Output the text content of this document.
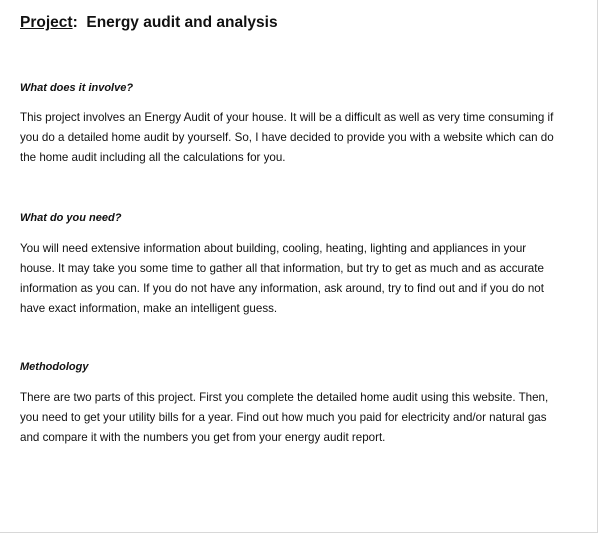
Project: Energy audit and analysis
What does it involve?
This project involves an Energy Audit of your house. It will be a difficult as well as very time consuming if
you do a detailed home audit by yourself. So, I have decided to provide you with a website which can do
the home audit including all the calculations for you.
What do you need?
You will need extensive information about building, cooling, heating, lighting and appliances in your
house. It may take you some time to gather all that information, but try to get as much and as accurate
information as you can. If you do not have any information, ask around, try to find out and if you do not
have exact information, make an intelligent guess.
Methodology
There are two parts of this project. First you complete the detailed home audit using this website. Then,
you need to get your utility bills for a year. Find out how much you paid for electricity and/or natural gas
and compare it with the numbers you get from your energy audit report.
